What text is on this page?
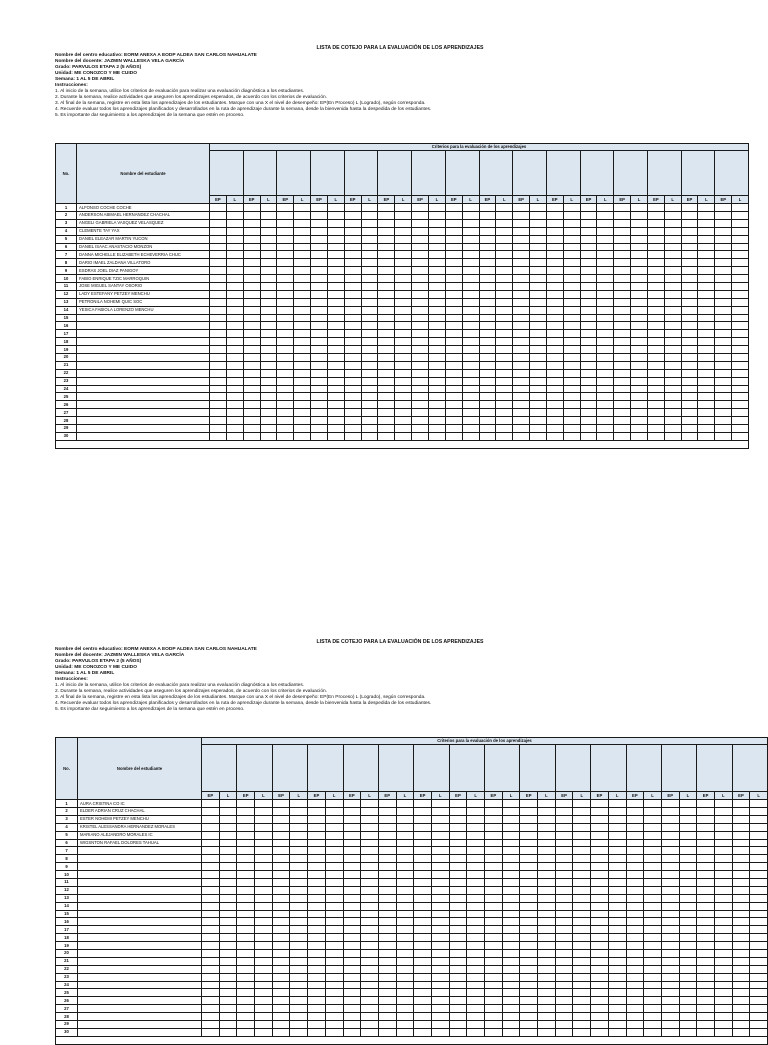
LISTA DE COTEJO PARA LA EVALUACIÓN DE LOS APRENDIZAJES
Nombre del centro educativo: EORM ANEXA A EODP ALDEA SAN CARLOS NAHUALATE
Nombre del docente: JAZMIN WALLESKA VELA GARCÍA
Grado: PARVULOS ETAPA 2 (5 AÑOS)
Unidad: ME CONOZCO Y ME CUIDO
Semana: 1 AL 5 DE ABRIL
Instrucciones:
1. Al inicio de la semana, utilice los criterios de evaluación para realizar una evaluación diagnóstica a los estudiantes.
2. Durante la semana, realice actividades que aseguren los aprendizajes esperados, de acuerdo con los criterios de evaluación.
3. Al final de la semana, registre en esta lista los aprendizajes de los estudiantes. Marque con una X el nivel de desempeño: EP(En Proceso) L (Logrado), según corresponda.
4. Recuerde evaluar todos los aprendizajes planificados y desarrollados en la ruta de aprendizaje durante la semana, desde la bienvenida hasta la despedida de los estudiantes.
5. Es importante dar seguimiento a los aprendizajes de la semana que estén en proceso.
No.	Nombre del estudiante	Criterios para la evaluación de los aprendizajes																															

		EP	L	EP	L	EP	L	EP	L	EP	L	EP	L	EP	L	EP	L	EP	L	EP	L	EP	L	EP	L	EP	L	EP	L	EP	L	EP	L
1	ALFONSO COCHE COCHE																																
2	ANDERSON ABIMAEL HERNANDEZ CHACHAL																																
3	ANGELI GABRIELA VASQUEZ VELASQUEZ																																
4	CLEMENTE TAY YAX																																
5	DANIEL ELEAZAR MARTIN YUCON																																
6	DANIEL ISAAC ANASTACIO MONZON																																
7	DANNA MICHELLE ELIZABETH ECHEVERRIA CHUC																																
8	DARIO IMAEL ZALDANA VILLATORO																																
9	ESDRAS JOEL DIAZ PANIGOY																																
10	FABIO ENRIQUE TZIC MARROQUIN																																
11	JOSE MIGUEL SANTAY OSORIO																																
12	LADY ESTEFANY PETZEY MENCHU																																
13	PETRONILA NOHEMI QUIC SOC																																
14	YESICA FABIOLA LORENZO MENCHU																																
15																																	
16																																	
17																																	
18																																	
19																																	
20																																	
21																																	
22																																	
23																																	
24																																	
25																																	
26																																	
27																																	
28																																	
29																																	
30																																	

LISTA DE COTEJO PARA LA EVALUACIÓN DE LOS APRENDIZAJES
Nombre del centro educativo: EORM ANEXA A EODP ALDEA SAN CARLOS NAHUALATE
Nombre del docente: JAZMIN WALLESKA VELA GARCÍA
Grado: PARVULOS ETAPA 2 (5 AÑOS)
Unidad: ME CONOZCO Y ME CUIDO
Semana: 1 AL 5 DE ABRIL
Instrucciones:
1. Al inicio de la semana, utilice los criterios de evaluación para realizar una evaluación diagnóstica a los estudiantes.
2. Durante la semana, realice actividades que aseguren los aprendizajes esperados, de acuerdo con los criterios de evaluación.
3. Al final de la semana, registre en esta lista los aprendizajes de los estudiantes. Marque con una X el nivel de desempeño: EP(En Proceso) L (Logrado), según corresponda.
4. Recuerde evaluar todos los aprendizajes planificados y desarrollados en la ruta de aprendizaje durante la semana, desde la bienvenida hasta la despedida de los estudiantes.
5. Es importante dar seguimiento a los aprendizajes de la semana que estén en proceso.
No.	Nombre del estudiante	Criterios para la evaluación de los aprendizajes																															

		EP	L	EP	L	EP	L	EP	L	EP	L	EP	L	EP	L	EP	L	EP	L	EP	L	EP	L	EP	L	EP	L	EP	L	EP	L	EP	L
1	AURA CRISTINA CO IC																																
2	ELDER ADRIAN CRUZ CHACHAL																																
3	ESTER NOHEMI PETZEY MENCHU																																
4	KRISTEL ALESSANDRA HERNANDEZ MORALES																																
5	MARIANO ALEJANDRO MORALES IC																																
6	WIGSNTON RAFAEL DOLORES TAHUAL																																
7																																	
8																																	
9																																	
10																																	
11																																	
12																																	
13																																	
14																																	
15																																	
16																																	
17																																	
18																																	
19																																	
20																																	
21																																	
22																																	
23																																	
24																																	
25																																	
26																																	
27																																	
28																																	
29																																	
30																																	
